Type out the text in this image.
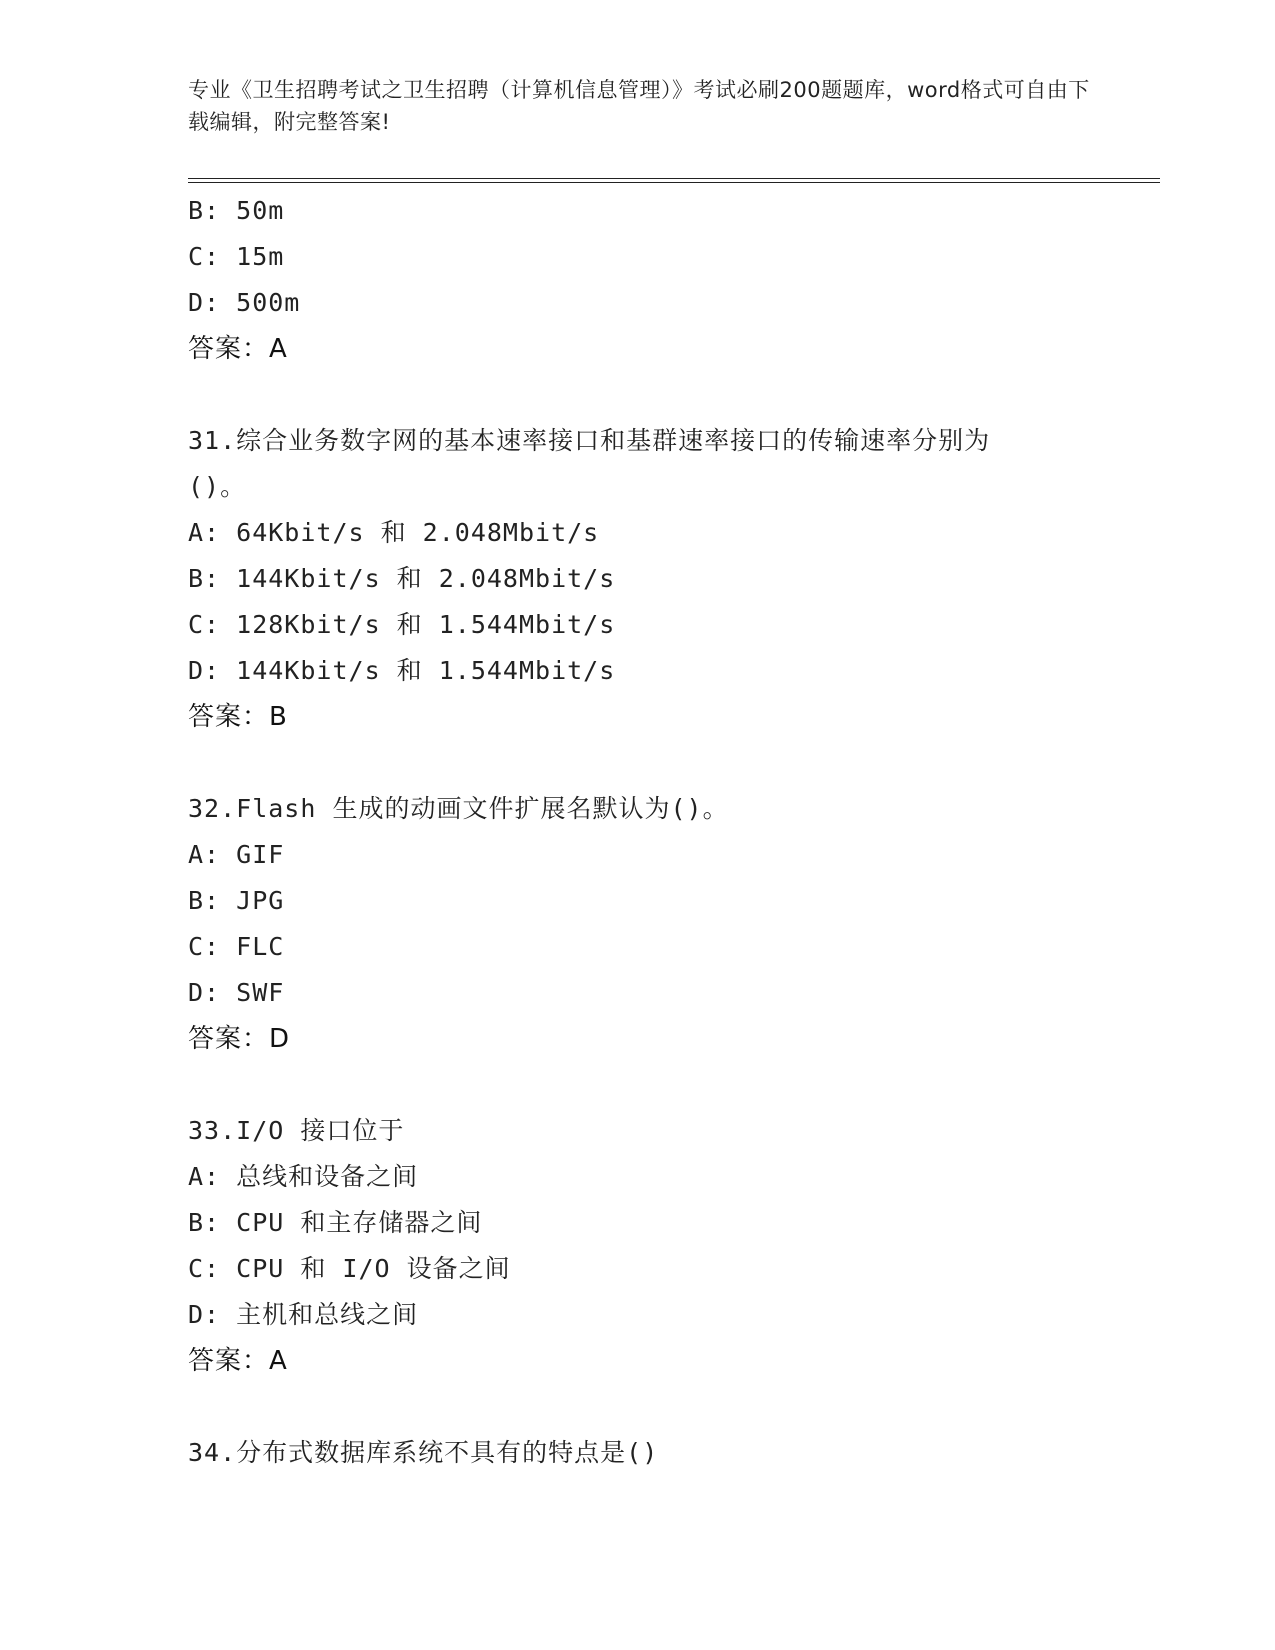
专业《卫生招聘考试之卫生招聘（计算机信息管理）》考试必刷200题题库，word格式可自由下载编辑，附完整答案!
B: 50m
C: 15m
D: 500m
答案：A
31.综合业务数字网的基本速率接口和基群速率接口的传输速率分别为
()。
A: 64Kbit/s 和 2.048Mbit/s
B: 144Kbit/s 和 2.048Mbit/s
C: 128Kbit/s 和 1.544Mbit/s
D: 144Kbit/s 和 1.544Mbit/s
答案：B
32.Flash 生成的动画文件扩展名默认为()。
A: GIF
B: JPG
C: FLC
D: SWF
答案：D
33.I/O 接口位于
A: 总线和设备之间
B: CPU 和主存储器之间
C: CPU 和 I/O 设备之间
D: 主机和总线之间
答案：A
34.分布式数据库系统不具有的特点是()
